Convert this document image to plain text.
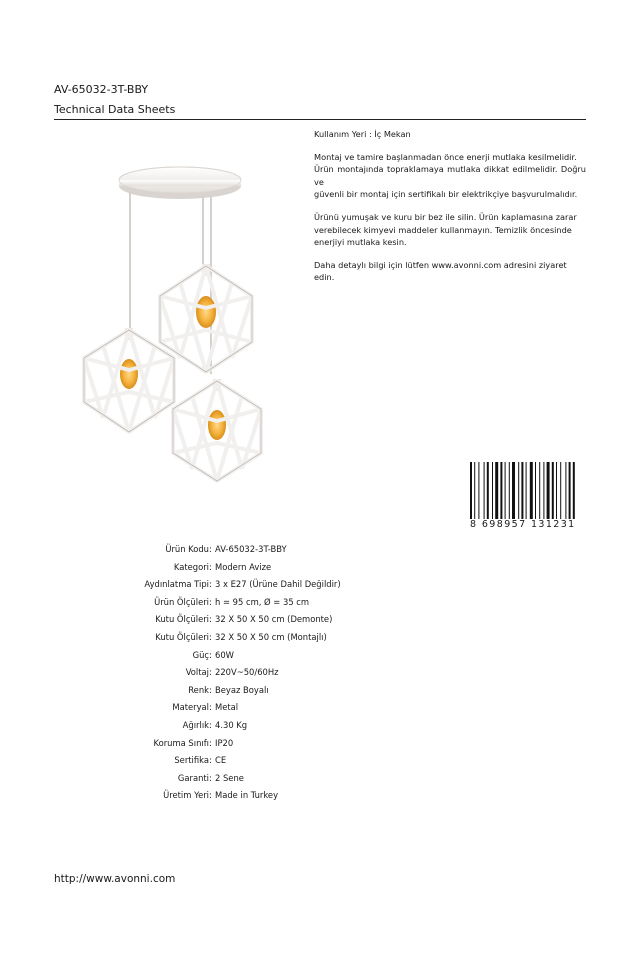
AV-65032-3T-BBY
Technical Data Sheets

Kullanım Yeri : İç Mekan

Montaj ve tamire başlanmadan önce enerji mutlaka kesilmelidir.

Ürün montajında topraklamaya mutlaka dikkat edilmelidir. Doğru ve

güvenli bir montaj için sertifikalı bir elektrikçiye başvurulmalıdır.

Ürünü yumuşak ve kuru bir bez ile silin. Ürün kaplamasına zarar

verebilecek kimyevi maddeler kullanmayın. Temizlik öncesinde

enerjiyi mutlaka kesin.

Daha detaylı bilgi için lütfen www.avonni.com adresini ziyaret edin.

8 698957 131231
Ürün Kodu : AV-65032-3T-BBY
Kategori : Modern Avize
Aydınlatma Tipi : 3 x E27 (Ürüne Dahil Değildir)
Ürün Ölçüleri : h = 95 cm, Ø = 35 cm
Kutu Ölçüleri : 32 X 50 X 50 cm (Demonte)
Kutu Ölçüleri : 32 X 50 X 50 cm (Montajlı)
Güç : 60W
Voltaj : 220V~50/60Hz
Renk : Beyaz Boyalı
Materyal : Metal
Ağırlık : 4.30 Kg
Koruma Sınıfı : IP20
Sertifika : CE
Garanti : 2 Sene
Üretim Yeri : Made in Turkey
http://www.avonni.com
